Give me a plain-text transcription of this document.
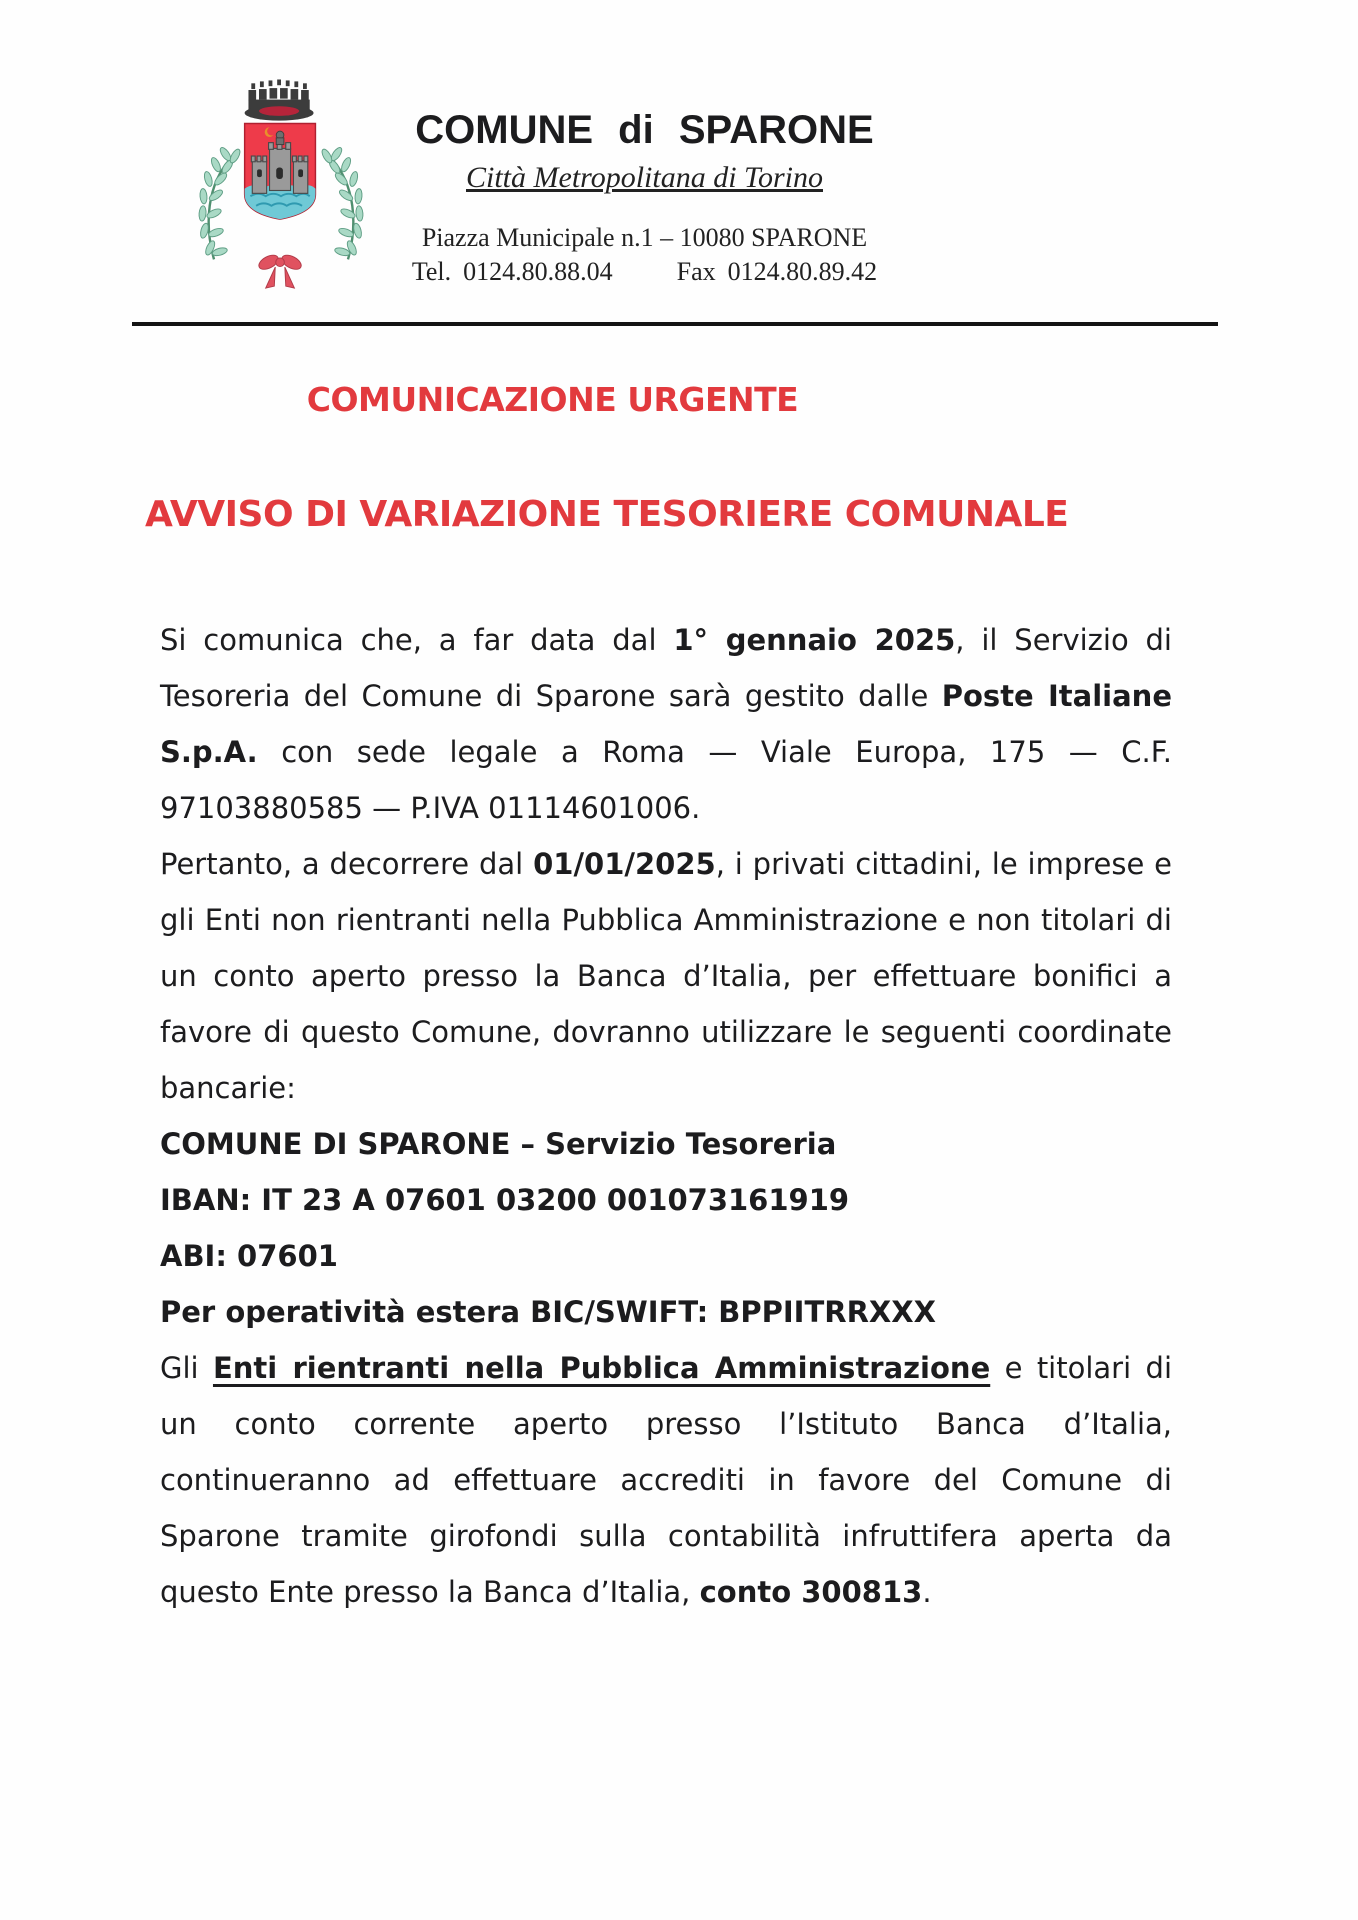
COMUNE di SPARONE
Città Metropolitana di Torino
Piazza Municipale n.1 – 10080 SPARONE
Tel. 0124.80.88.04 Fax 0124.80.89.42
COMUNICAZIONE URGENTE
AVVISO DI VARIAZIONE TESORIERE COMUNALE

Si comunica che, a far data dal 1° gennaio 2025, il Servizio di Tesoreria del Comune di Sparone sarà gestito dalle Poste Italiane S.p.A. con sede legale a Roma — Viale Europa, 175 — C.F. 97103880585 — P.IVA 01114601006.

Pertanto, a decorrere dal 01/01/2025, i privati cittadini, le imprese e gli Enti non rientranti nella Pubblica Amministrazione e non titolari di un conto aperto presso la Banca d’Italia, per effettuare bonifici a favore di questo Comune, dovranno utilizzare le seguenti coordinate bancarie:

COMUNE DI SPARONE – Servizio Tesoreria
IBAN: IT 23 A 07601 03200 001073161919
ABI: 07601
Per operatività estera BIC/SWIFT: BPPIITRRXXX

Gli Enti rientranti nella Pubblica Amministrazione e titolari di un conto corrente aperto presso l’Istituto Banca d’Italia, continueranno ad effettuare accrediti in favore del Comune di Sparone tramite girofondi sulla contabilità infruttifera aperta da questo Ente presso la Banca d’Italia, conto 300813.
